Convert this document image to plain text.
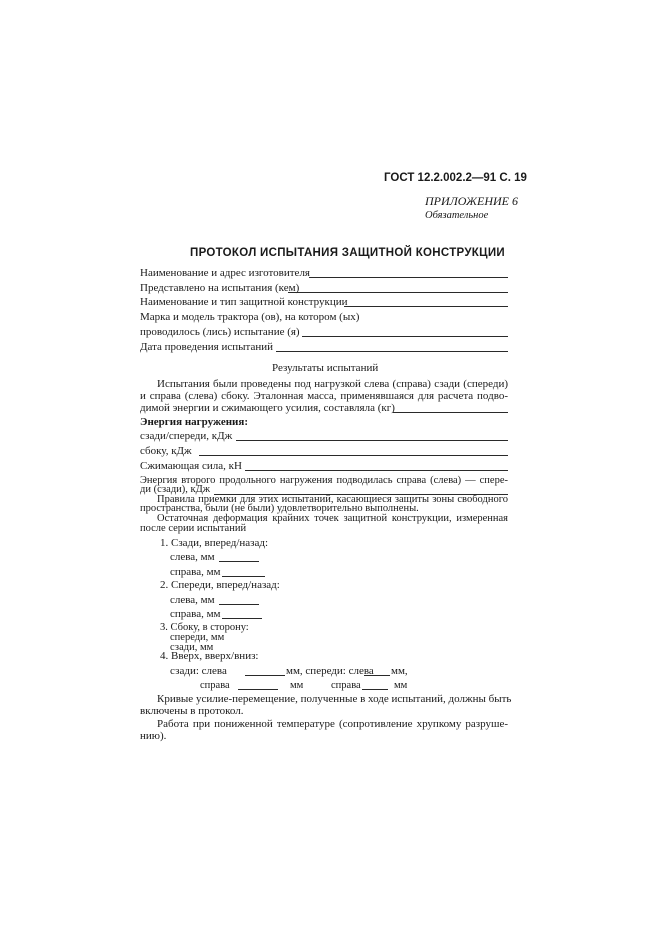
ГОСТ 12.2.002.2—91 С. 19
ПРИЛОЖЕНИЕ 6
Обязательное
ПРОТОКОЛ ИСПЫТАНИЯ ЗАЩИТНОЙ КОНСТРУКЦИИ
Наименование и адрес изготовителя
Представлено на испытания (кем)
Наименование и тип защитной конструкции
Марка и модель трактора (ов), на котором (ых)
проводилось (лись) испытание (я)
Дата проведения испытаний
Результаты испытаний
Испытания были проведены под нагрузкой слева (справа) сзади (спереди)
и справа (слева) сбоку. Эталонная масса, применявшаяся для расчета подво-
димой энергии и сжимающего усилия, составляла (кг)
Энергия нагружения:
сзади/спереди, кДж
сбоку, кДж
Сжимающая сила, кН
Энергия второго продольного нагружения подводилась справа (слева) — спере-
ди (сзади), кДж
Правила приемки для этих испытаний, касающиеся защиты зоны свободного
пространства, были (не были) удовлетворительно выполнены.
Остаточная деформация крайних точек защитной конструкции, измеренная
после серии испытаний
1. Сзади, вперед/назад:
слева, мм
справа, мм
2. Спереди, вперед/назад:
слева, мм
справа, мм
3. Сбоку, в сторону:
спереди, мм
сзади, мм
4. Вверх, вверх/вниз:
сзади: слева	мм, спереди: слева мм,
справа	мм	справа	мм
Кривые усилие-перемещение, полученные в ходе испытаний, должны быть
включены в протокол.
Работа при пониженной температуре (сопротивление хрупкому разруше-
нию).
